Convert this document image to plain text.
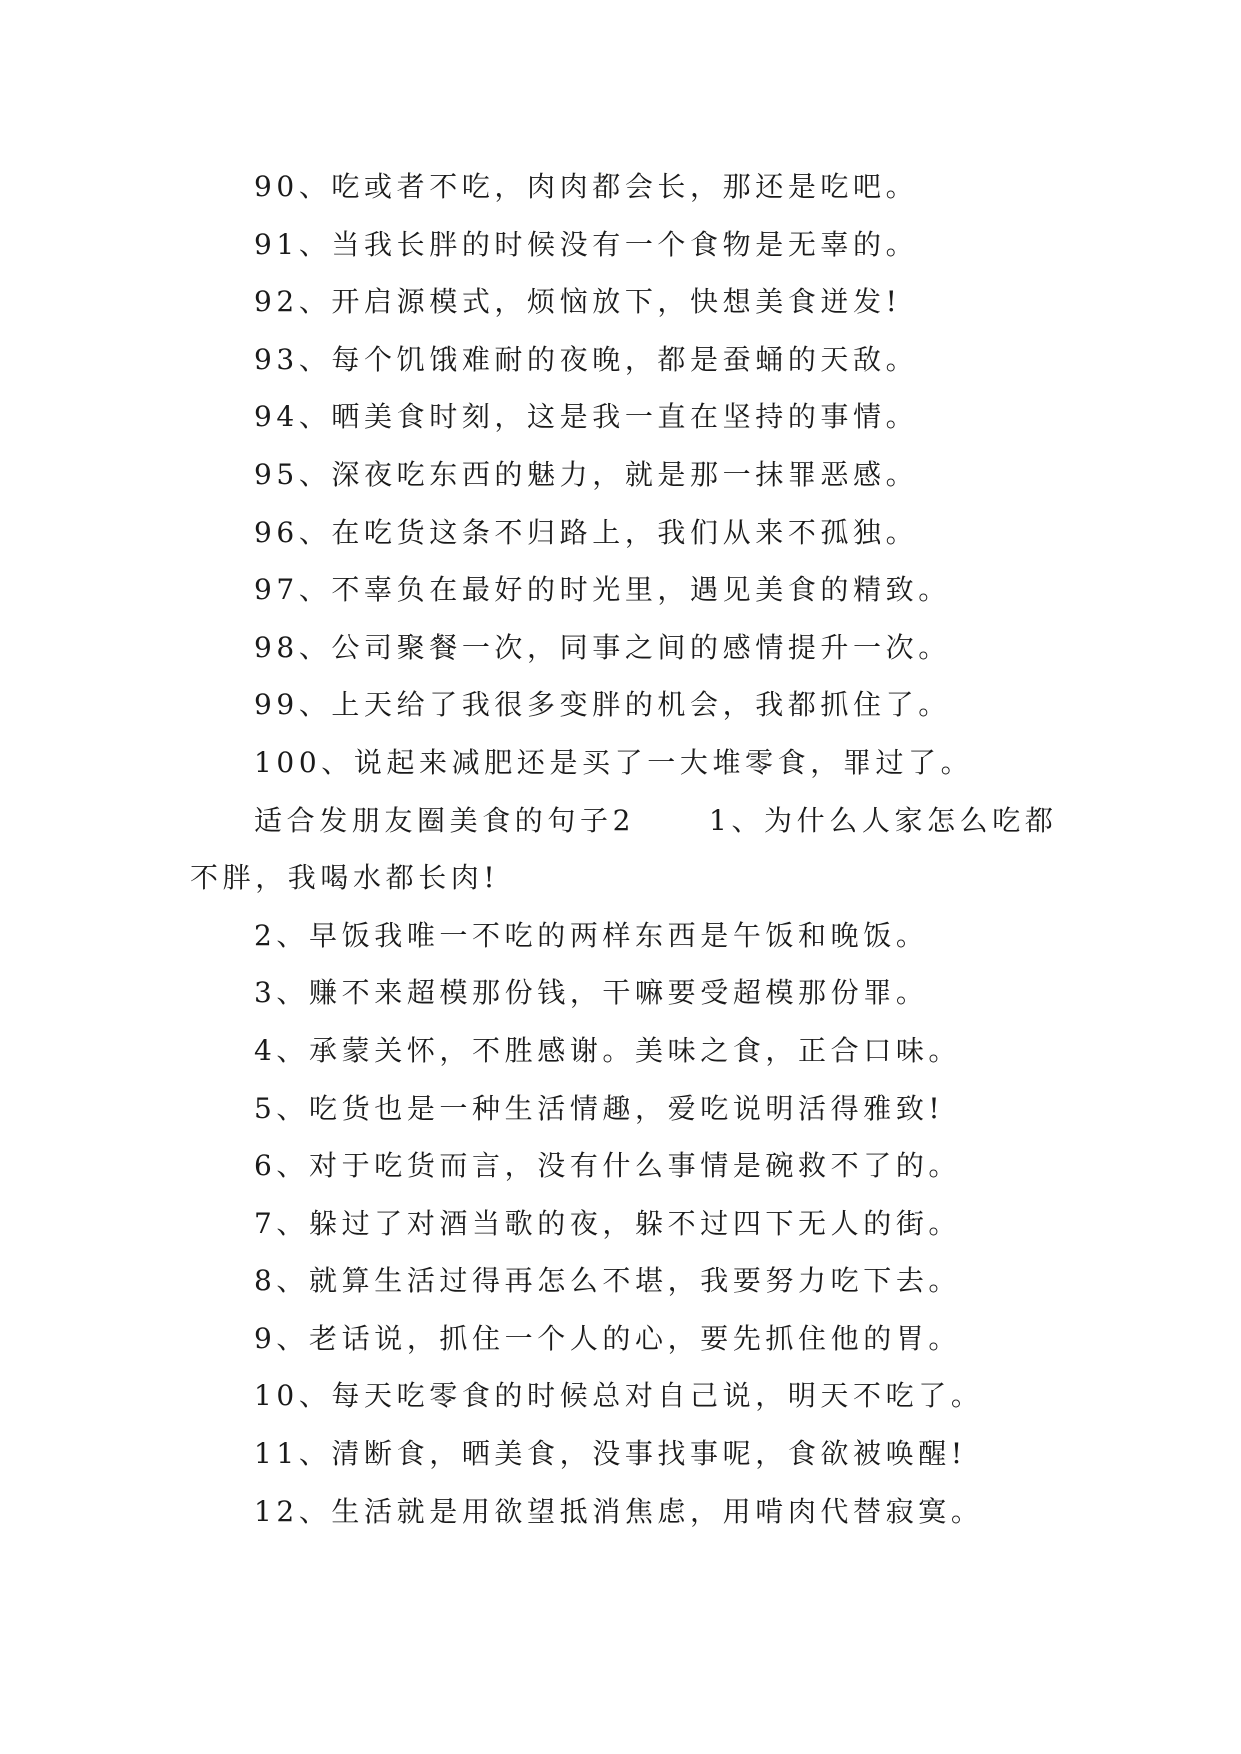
90、吃或者不吃，肉肉都会长，那还是吃吧。
91、当我长胖的时候没有一个食物是无辜的。
92、开启源模式，烦恼放下，快想美食迸发!
93、每个饥饿难耐的夜晚，都是蚕蛹的天敌。
94、晒美食时刻，这是我一直在坚持的事情。
95、深夜吃东西的魅力，就是那一抹罪恶感。
96、在吃货这条不归路上，我们从来不孤独。
97、不辜负在最好的时光里，遇见美食的精致。
98、公司聚餐一次，同事之间的感情提升一次。
99、上天给了我很多变胖的机会，我都抓住了。
100、说起来减肥还是买了一大堆零食，罪过了。
适合发朋友圈美食的句子2	1、为什么人家怎么吃都
不胖，我喝水都长肉!
2、早饭我唯一不吃的两样东西是午饭和晚饭。
3、赚不来超模那份钱，干嘛要受超模那份罪。
4、承蒙关怀，不胜感谢。美味之食，正合口味。
5、吃货也是一种生活情趣，爱吃说明活得雅致!
6、对于吃货而言，没有什么事情是碗救不了的。
7、躲过了对酒当歌的夜，躲不过四下无人的街。
8、就算生活过得再怎么不堪，我要努力吃下去。
9、老话说，抓住一个人的心，要先抓住他的胃。
10、每天吃零食的时候总对自己说，明天不吃了。
11、清断食，晒美食，没事找事呢，食欲被唤醒!
12、生活就是用欲望抵消焦虑，用啃肉代替寂寞。
